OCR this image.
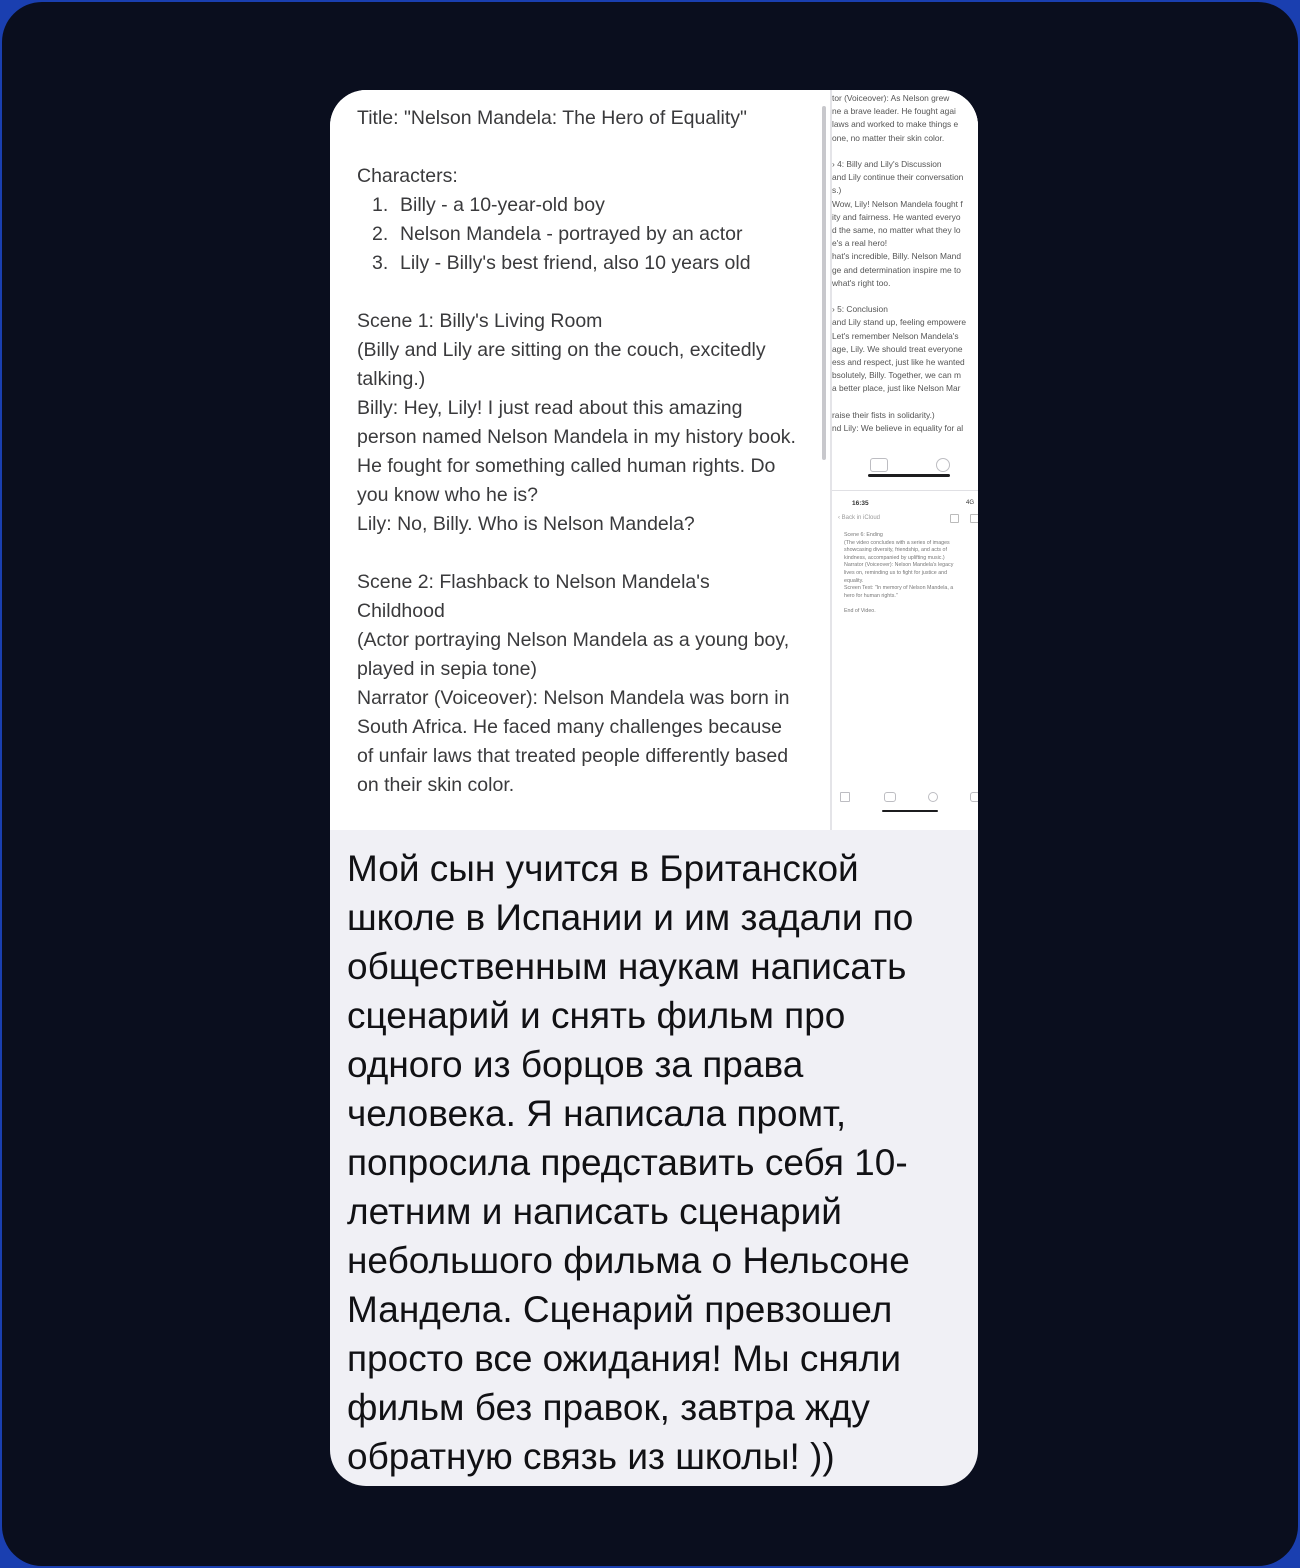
Title: "Nelson Mandela: The Hero of Equality"

Characters:

1. Billy - a 10-year-old boy
2. Nelson Mandela - portrayed by an actor
3. Lily - Billy's best friend, also 10 years old

Scene 1: Billy's Living Room

(Billy and Lily are sitting on the couch, excitedly talking.)

Billy: Hey, Lily! I just read about this amazing person named Nelson Mandela in my history book. He fought for something called human rights. Do you know who he is?

Lily: No, Billy. Who is Nelson Mandela?

Scene 2: Flashback to Nelson Mandela's Childhood

(Actor portraying Nelson Mandela as a young boy, played in sepia tone)

Narrator (Voiceover): Nelson Mandela was born in South Africa. He faced many challenges because of unfair laws that treated people differently based on their skin color.

tor (Voiceover): As Nelson grew

ne a brave leader. He fought agai

laws and worked to make things e

one, no matter their skin color.

› 4: Billy and Lily's Discussion

and Lily continue their conversation

s.)

Wow, Lily! Nelson Mandela fought f

ity and fairness. He wanted everyo

d the same, no matter what they lo

e's a real hero!

hat's incredible, Billy. Nelson Mand

ge and determination inspire me to

what's right too.

› 5: Conclusion

and Lily stand up, feeling empowere

Let's remember Nelson Mandela's

age, Lily. We should treat everyone

ess and respect, just like he wanted

bsolutely, Billy. Together, we can m

a better place, just like Nelson Mar

raise their fists in solidarity.)

nd Lily: We believe in equality for al

16:35	4G
‹ Back in iCloud

Scene 6: Ending

(The video concludes with a series of images

showcasing diversity, friendship, and acts of

kindness, accompanied by uplifting music.)

Narrator (Voiceover): Nelson Mandela's legacy

lives on, reminding us to fight for justice and

equality.

Screen Text: "In memory of Nelson Mandela, a

hero for human rights."

End of Video.

Мой сын учится в Британской школе в Испании и им задали по общественным наукам написать сценарий и снять фильм про одного из борцов за права человека. Я написала промт, попросила представить себя 10-летним и написать сценарий небольшого фильма о Нельсоне Мандела. Сценарий превзошел просто все ожидания! Мы сняли фильм без правок, завтра жду обратную связь из школы! ))
